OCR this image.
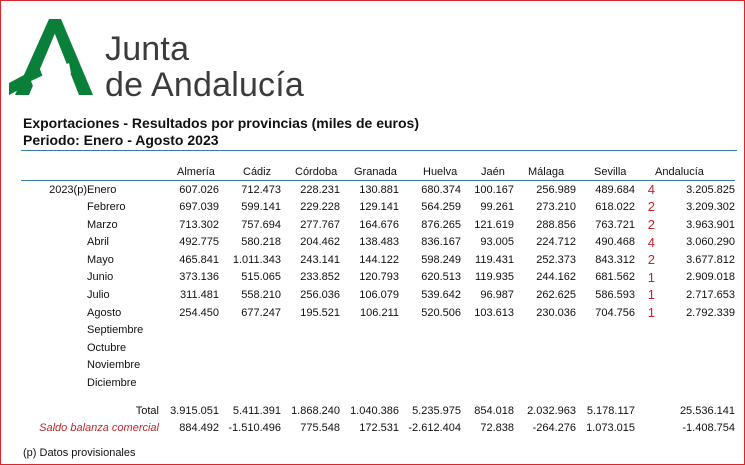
Junta
de Andalucía
Exportaciones - Resultados por provincias (miles de euros)
Periodo: Enero - Agosto 2023
		Almería	Cádiz	Córdoba	Granada	Huelva	Jaén	Málaga	Sevilla		Andalucía
2023(p)	Enero	607.026	712.473	228.231	130.881	680.374	100.167	256.989	489.684	4	3.205.825
	Febrero	697.039	599.141	229.228	129.141	564.259	99.261	273.210	618.022	2	3.209.302
	Marzo	713.302	757.694	277.767	164.676	876.265	121.619	288.856	763.721	2	3.963.901
	Abril	492.775	580.218	204.462	138.483	836.167	93.005	224.712	490.468	4	3.060.290
	Mayo	465.841	1.011.343	243.141	144.122	598.249	119.431	252.373	843.312	2	3.677.812
	Junio	373.136	515.065	233.852	120.793	620.513	119.935	244.162	681.562	1	2.909.018
	Julio	311.481	558.210	256.036	106.079	539.642	96.987	262.625	586.593	1	2.717.653
	Agosto	254.450	677.247	195.521	106.211	520.506	103.613	230.036	704.756	1	2.792.339
	Septiembre										
	Octubre										
	Noviembre										
	Diciembre										

	Total	3.915.051	5.411.391	1.868.240	1.040.386	5.235.975	854.018	2.032.963	5.178.117		25.536.141
Saldo balanza comercial		884.492	-1.510.496	775.548	172.531	-2.612.404	72.838	-264.276	1.073.015		-1.408.754
(p) Datos provisionales
